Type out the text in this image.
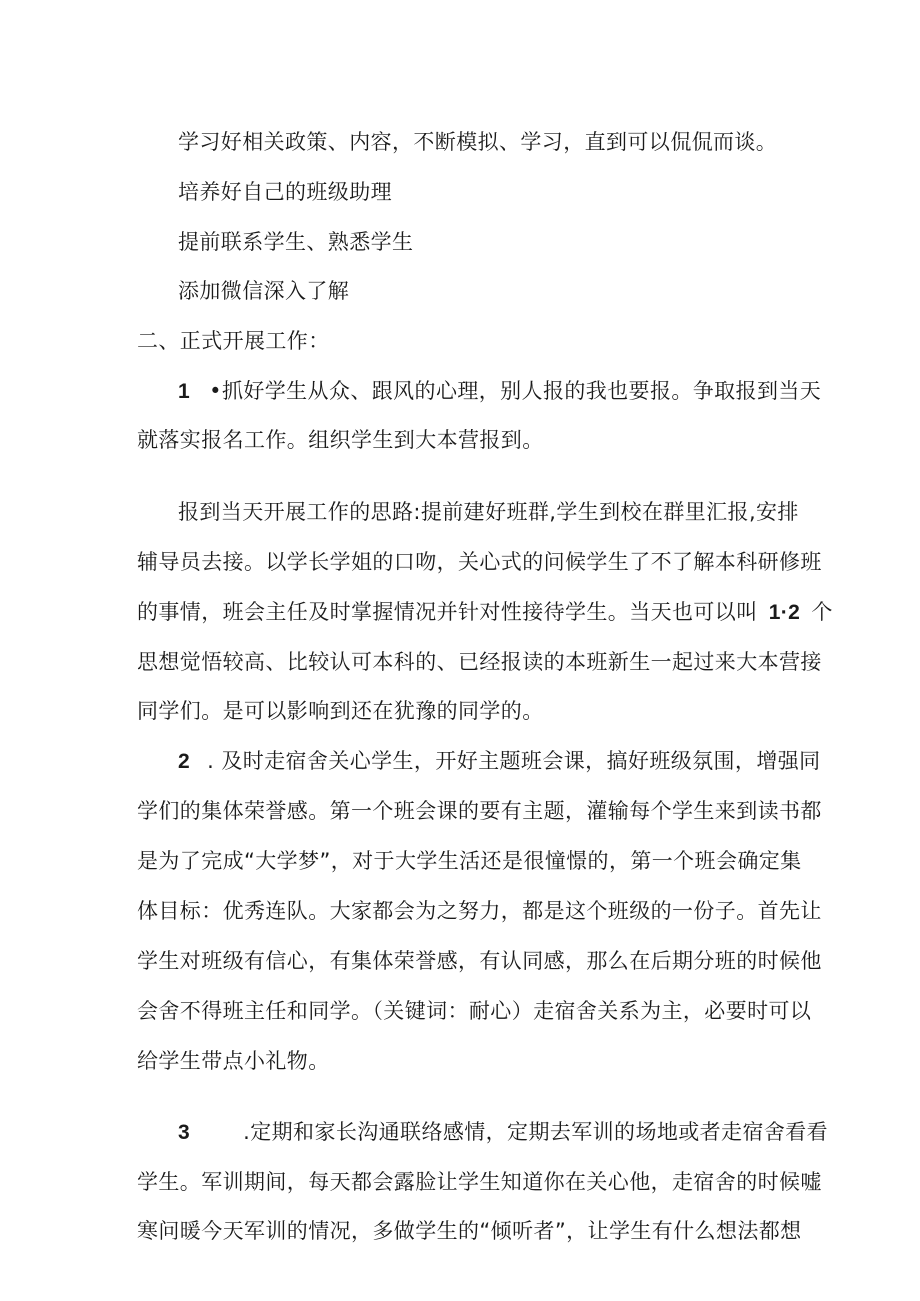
学习好相关政策、内容，不断模拟、学习，直到可以侃侃而谈。
培养好自己的班级助理
提前联系学生、熟悉学生
添加微信深入了解
二、正式开展工作：
1 •抓好学生从众、跟风的心理，别人报的我也要报。争取报到当天
就落实报名工作。组织学生到大本营报到。
报到当天开展工作的思路:提前建好班群,学生到校在群里汇报,安排
辅导员去接。以学长学姐的口吻，关心式的问候学生了不了解本科研修班
的事情，班会主任及时掌握情况并针对性接待学生。当天也可以叫 1·2 个
思想觉悟较高、比较认可本科的、已经报读的本班新生一起过来大本营接
同学们。是可以影响到还在犹豫的同学的。
2 . 及时走宿舍关心学生，开好主题班会课，搞好班级氛围，增强同
学们的集体荣誉感。第一个班会课的要有主题，灌输每个学生来到读书都
是为了完成“大学梦”，对于大学生活还是很憧憬的，第一个班会确定集
体目标：优秀连队。大家都会为之努力，都是这个班级的一份子。首先让
学生对班级有信心，有集体荣誉感，有认同感，那么在后期分班的时候他
会舍不得班主任和同学。（关键词：耐心）走宿舍关系为主，必要时可以
给学生带点小礼物。
3	.定期和家长沟通联络感情，定期去军训的场地或者走宿舍看看
学生。军训期间，每天都会露脸让学生知道你在关心他，走宿舍的时候嘘
寒问暖今天军训的情况，多做学生的“倾听者”，让学生有什么想法都想
